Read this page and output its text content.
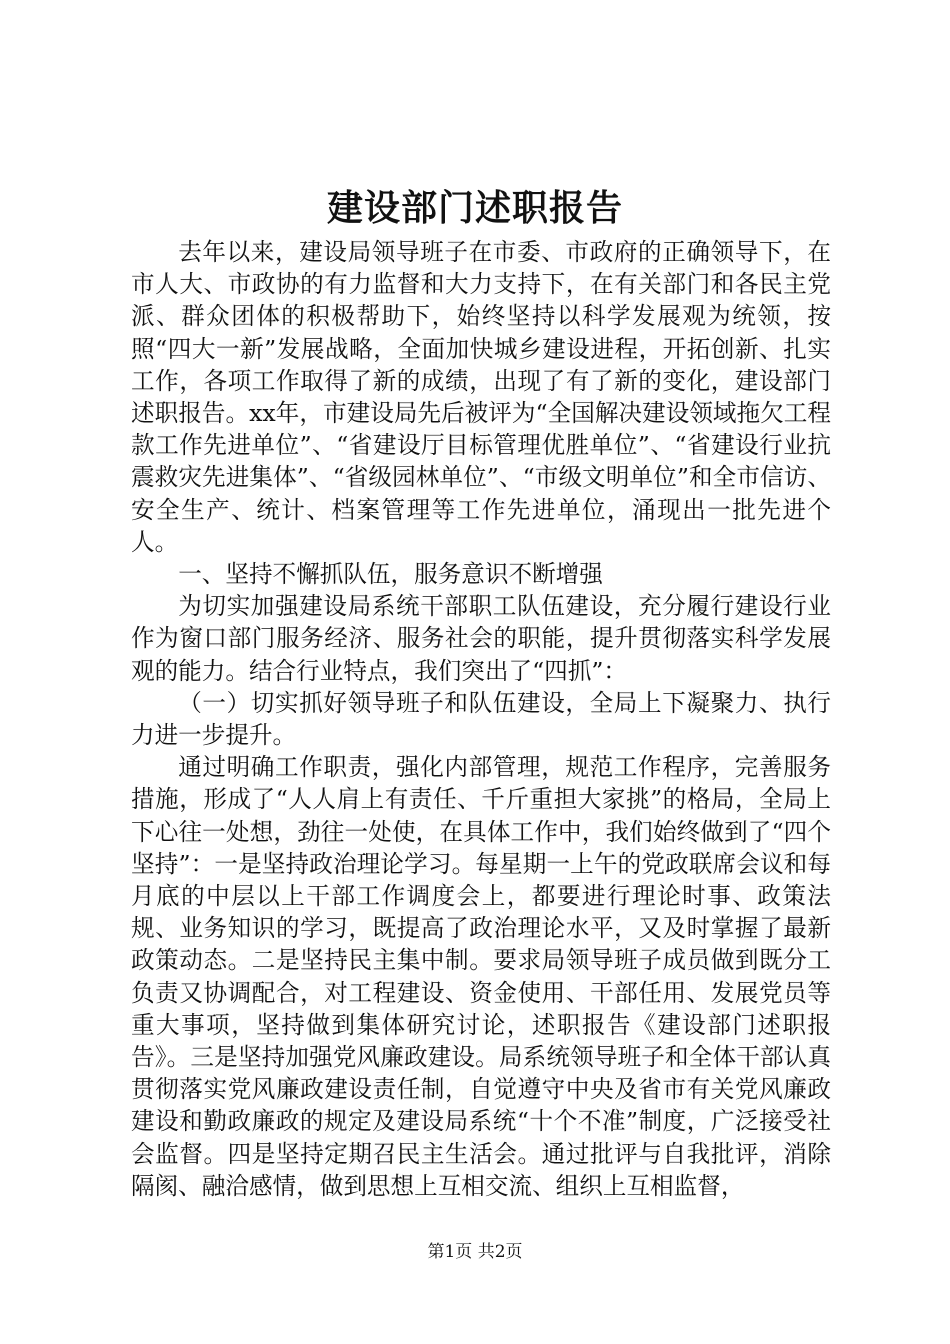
建设部门述职报告

去年以来，建设局领导班子在市委、市政府的正确领导下，在市人大、市政协的有力监督和大力支持下，在有关部门和各民主党派、群众团体的积极帮助下，始终坚持以科学发展观为统领，按照“四大一新”发展战略，全面加快城乡建设进程，开拓创新、扎实工作，各项工作取得了新的成绩，出现了有了新的变化，建设部门述职报告。xx年，市建设局先后被评为“全国解决建设领域拖欠工程款工作先进单位”、“省建设厅目标管理优胜单位”、“省建设行业抗震救灾先进集体”、“省级园林单位”、“市级文明单位”和全市信访、安全生产、统计、档案管理等工作先进单位，涌现出一批先进个人。

一、坚持不懈抓队伍，服务意识不断增强

为切实加强建设局系统干部职工队伍建设，充分履行建设行业作为窗口部门服务经济、服务社会的职能，提升贯彻落实科学发展观的能力。结合行业特点，我们突出了“四抓”：

（一）切实抓好领导班子和队伍建设，全局上下凝聚力、执行力进一步提升。

通过明确工作职责，强化内部管理，规范工作程序，完善服务措施，形成了“人人肩上有责任、千斤重担大家挑”的格局，全局上下心往一处想，劲往一处使，在具体工作中，我们始终做到了“四个坚持”：一是坚持政治理论学习。每星期一上午的党政联席会议和每月底的中层以上干部工作调度会上，都要进行理论时事、政策法规、业务知识的学习，既提高了政治理论水平，又及时掌握了最新政策动态。二是坚持民主集中制。要求局领导班子成员做到既分工负责又协调配合，对工程建设、资金使用、干部任用、发展党员等重大事项，坚持做到集体研究讨论，述职报告《建设部门述职报告》。三是坚持加强党风廉政建设。局系统领导班子和全体干部认真贯彻落实党风廉政建设责任制，自觉遵守中央及省市有关党风廉政建设和勤政廉政的规定及建设局系统“十个不准”制度，广泛接受社会监督。四是坚持定期召民主生活会。通过批评与自我批评，消除隔阂、融洽感情，做到思想上互相交流、组织上互相监督，

第1页 共2页
